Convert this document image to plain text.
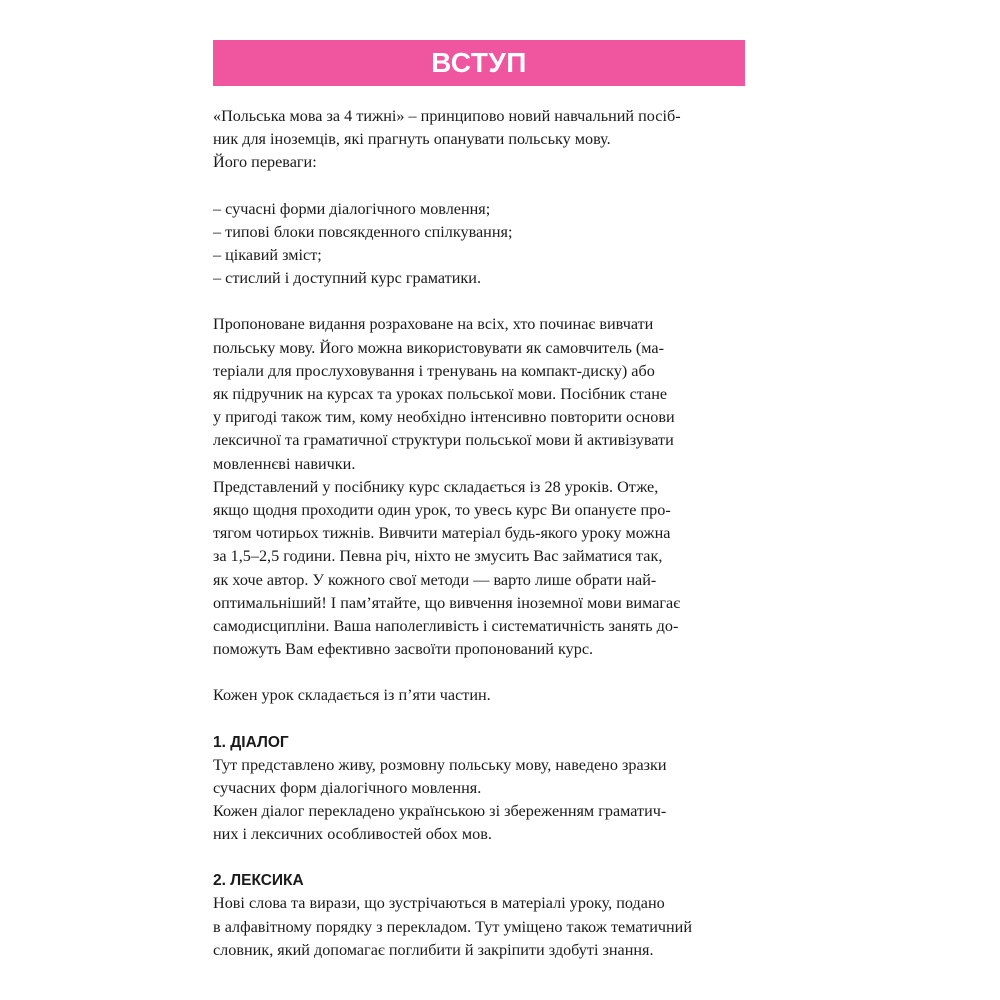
ВСТУП
«Польська мова за 4 тижні» – принципово новий навчальний посіб-
ник для іноземців, які прагнуть опанувати польську мову.
Його переваги:
– сучасні форми діалогічного мовлення;
– типові блоки повсякденного спілкування;
– цікавий зміст;
– стислий і доступний курс граматики.
Пропоноване видання розраховане на всіх, хто починає вивчати
польську мову. Його можна використовувати як самовчитель (ма-
теріали для прослуховування і тренувань на компакт-диску) або
як підручник на курсах та уроках польської мови. Посібник стане
у пригоді також тим, кому необхідно інтенсивно повторити основи
лексичної та граматичної структури польської мови й активізувати
мовленнєві навички.
Представлений у посібнику курс складається із 28 уроків. Отже,
якщо щодня проходити один урок, то увесь курс Ви опануєте про-
тягом чотирьох тижнів. Вивчити матеріал будь-якого уроку можна
за 1,5–2,5 години. Певна річ, ніхто не змусить Вас займатися так,
як хоче автор. У кожного свої методи — варто лише обрати най-
оптимальніший! І пам’ятайте, що вивчення іноземної мови вимагає
самодисципліни. Ваша наполегливість і систематичність занять до-
поможуть Вам ефективно засвоїти пропонований курс.
Кожен урок складається із п’яти частин.
1. ДІАЛОГ
Тут представлено живу, розмовну польську мову, наведено зразки
сучасних форм діалогічного мовлення.
Кожен діалог перекладено українською зі збереженням граматич-
них і лексичних особливостей обох мов.
2. ЛЕКСИКА
Нові слова та вирази, що зустрічаються в матеріалі уроку, подано
в алфавітному порядку з перекладом. Тут уміщено також тематичний
словник, який допомагає поглибити й закріпити здобуті знання.
